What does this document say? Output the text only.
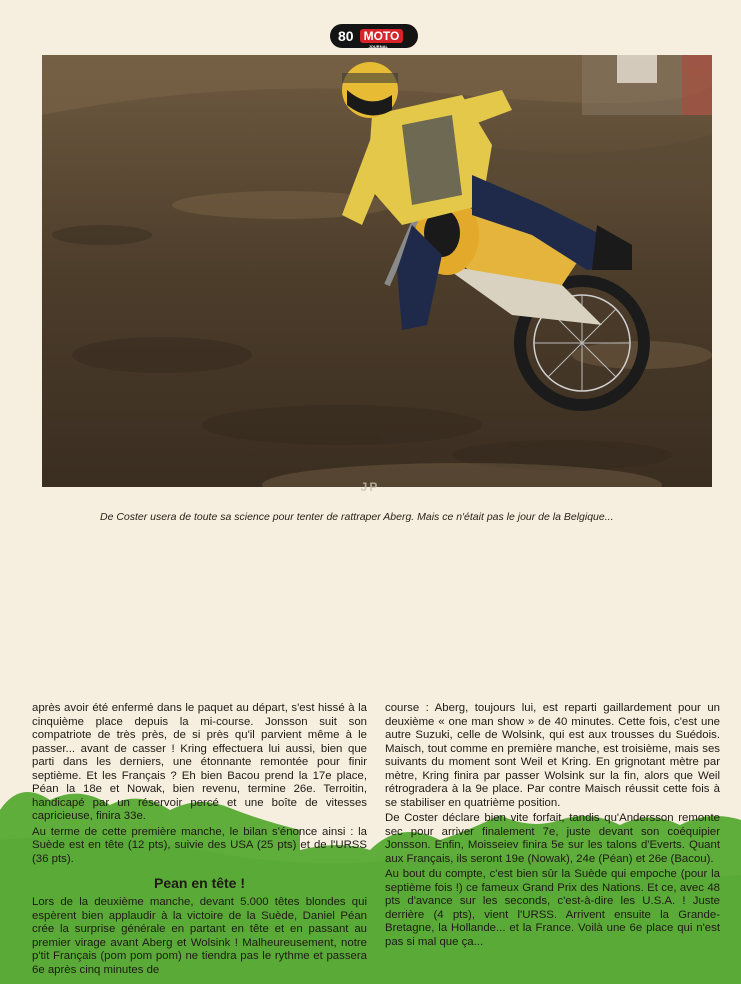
80 MOTO
JOURNAL
JP
De Coster usera de toute sa science pour tenter de rattraper Aberg. Mais ce n'était pas le jour de la Belgique...

après avoir été enfermé dans le paquet au départ, s'est hissé à la cinquième place depuis la mi-course. Jonsson suit son compatriote de très près, de si près qu'il parvient même à le passer... avant de casser ! Kring effectuera lui aussi, bien que parti dans les derniers, une étonnante remontée pour finir septième. Et les Français ? Eh bien Bacou prend la 17e place, Péan la 18e et Nowak, bien revenu, termine 26e. Terroitin, handicapé par un réservoir percé et une boîte de vitesses capricieuse, finira 33e.

Au terme de cette première manche, le bilan s'énonce ainsi : la Suède est en tête (12 pts), suivie des USA (25 pts) et de l'URSS (36 pts).

Pean en tête !

Lors de la deuxième manche, devant 5.000 têtes blondes qui espèrent bien applaudir à la victoire de la Suède, Daniel Péan crée la surprise générale en partant en tête et en passant au premier virage avant Aberg et Wolsink ! Malheureusement, notre p'tit Français (pom pom pom) ne tiendra pas le rythme et passera 6e après cinq minutes de

course : Aberg, toujours lui, est reparti gaillardement pour un deuxième « one man show » de 40 minutes. Cette fois, c'est une autre Suzuki, celle de Wolsink, qui est aux trousses du Suédois. Maisch, tout comme en première manche, est troisième, mais ses suivants du moment sont Weil et Kring. En grignotant mètre par mètre, Kring finira par passer Wolsink sur la fin, alors que Weil rétrogradera à la 9e place. Par contre Maisch réussit cette fois à se stabiliser en quatrième position.

De Coster déclare bien vite forfait, tandis qu'Andersson remonte sec pour arriver finalement 7e, juste devant son coéquipier Jonsson. Enfin, Moisseiev finira 5e sur les talons d'Everts. Quant aux Français, ils seront 19e (Nowak), 24e (Péan) et 26e (Bacou).

Au bout du compte, c'est bien sûr la Suède qui empoche (pour la septième fois !) ce fameux Grand Prix des Nations. Et ce, avec 48 pts d'avance sur les seconds, c'est-à-dire les U.S.A. ! Juste derrière (4 pts), vient l'URSS. Arrivent ensuite la Grande-Bretagne, la Hollande... et la France. Voilà une 6e place qui n'est pas si mal que ça...
